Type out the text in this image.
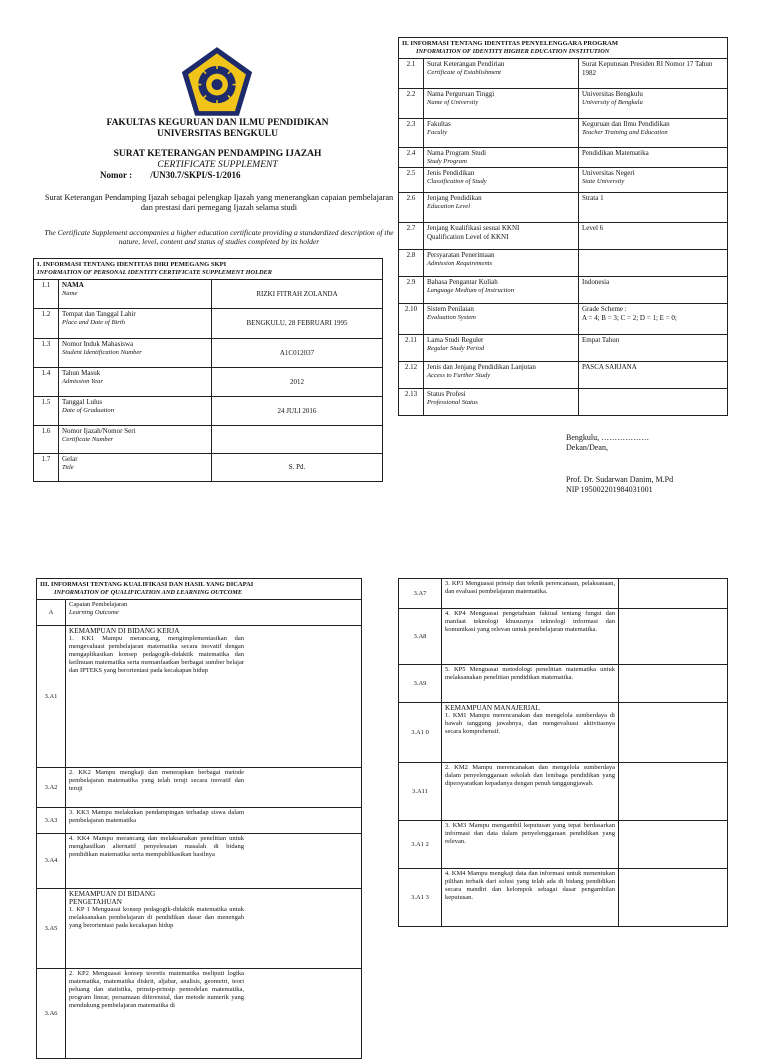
FAKULTAS KEGURUAN DAN ILMU PENDIDIKAN
UNIVERSITAS BENGKULU
SURAT KETERANGAN PENDAMPING IJAZAH
CERTIFICATE SUPPLEMENT
Nomor : /UN30.7/SKPI/S-1/2016
Surat Keterangan Pendamping Ijazah sebagai pelengkap Ijazah yang menerangkan capaian pembelajaran dan prestasi dari pemegang Ijazah selama studi
The Certificate Supplement accompanies a higher education certificate providing a standardized description of the nature, level, content and status of studies completed by its holder
I. INFORMASI TENTANG IDENTITAS DIRI PEMEGANG SKPI
INFORMATION OF PERSONAL IDENTITY CERTIFICATE SUPPLEMENT HOLDER		

1.1	NAMA
Name	RIZKI FITRAH ZOLANDA
1.2	Tempat dan Tanggal Lahir
Place and Date of Birth	BENGKULU, 28 FEBRUARI 1995
1.3	Nomor Induk Mahasiswa
Student Identification Number	A1C012037
1.4	Tahun Masuk
Admission Year	2012
1.5	Tanggal Lulus
Date of Graduation	24 JULI 2016
1.6	Nomor Ijazah/Nomor Seri
Certificate Number	

1.7	Gelar
Title	S. Pd.
II. INFORMASI TENTANG IDENTITAS PENYELENGGARA PROGRAM
INFORMATION OF IDENTITY HIGHER EDUCATION INSTITUTION		

2.1	Surat Keterangan Pendirian
Certificate of Establishment	Surat Keputusan Presiden RI Nomor 17 Tahun 1982
2.2	Nama Perguruan Tinggi
Name of University	Universitas Bengkulu
University of Bengkulu

2.3	Fakultas
Faculty	Keguruan dan Ilmu Pendidikan
Teacher Training and Education

2.4	Nama Program Studi
Study Program	Pendidikan Matematika
2.5	Jenis Pendidikan
Classification of Study	Universitas Negeri
State University

2.6	Jenjang Pendidikan
Education Level	Strata 1
2.7	Jenjang Kualifikasi sesuai KKNI
Qualification Level of KKNI	Level 6
2.8	Persyaratan Penerimaan
Admission Requirements	

2.9	Bahasa Pengantar Kuliah
Language Medium of Instruction	Indonesia
2.10	Sistem Penilaian
Evaluation System	Grade Scheme :
A = 4; B = 3; C = 2; D = 1; E = 0;

2.11	Lama Studi Reguler
Regular Study Period	Empat Tahun
2.12	Jenis dan Jenjang Pendidikan Lanjutan
Access to Further Study	PASCA SARJANA
2.13	Status Profesi
Professional Status	

Bengkulu, ………………
Dekan/Dean,
Prof. Dr. Sudarwan Danim, M.Pd
NIP 195002201984031001
III. INFORMASI TENTANG KUALIFIKASI DAN HASIL YANG DICAPAI
INFORMATION OF QUALIFICATION AND LEARNING OUTCOME	

A	Capaian Pembelajaran
Learning Outcome

3.A1	KEMAMPUAN DI BIDANG KERJA
1. KK1 Mampu merancang, mengimplementasikan dan mengevaluasi pembelajaran matematika secara inovatif dengan mengaplikasikan konsep pedagogik-didaktik matematika dan keilmuan matematika serta memanfaatkan berbagai sumber belajar dan IPTEKS yang berorientasi pada kecakapan hidup

3.A2	2. KK2 Mampu mengkaji dan menerapkan berbagai metode pembelajaran matematika yang telah teruji secara inovatif dan teruji

3.A3	3. KK3 Mampu melakukan pendampingan terhadap siswa dalam pembelajaran matematika

3.A4	4. KK4 Mampu merancang dan melaksanakan penelitian untuk menghasilkan alternatif penyelesaian masalah di bidang pendidikan matematika serta mempublikasikan hasilnya

3.A5	KEMAMPUAN DI BIDANG PENGETAHUAN
1. KP 1 Menguasai konsep pedagogik-didaktik matematika untuk melaksanakan pembelajaran di pendidikan dasar dan menengah yang berorientasi pada kecakapan hidup

3.A6	2. KP2 Menguasai konsep teoretis matematika meliputi logika matematika, matematika diskrit, aljabar, analisis, geometri, teori peluang dan statistika, prinsip-prinsip pemodelan matematika, program linear, persamaan diferensial, dan metode numerik yang mendukung pembelajaran matematika di
3.A7	3. KP3 Menguasai prinsip dan teknik perencanaan, pelaksanaan, dan evaluasi pembelajaran matematika.	
3.A8	4. KP4 Menguasai pengetahuan faktual tentang fungsi dan manfaat teknologi khususnya teknologi informasi dan komunikasi yang relevan untuk pembelajaran matematika.	
3.A9	5. KP5 Menguasai metodologi penelitian matematika untuk melaksanakan penelitian pendidikan matematika.	
3.A1 0	KEMAMPUAN MANAJERIAL
1. KM1 Mampu merencanakan dan mengelola sumberdaya di bawah tanggung jawabnya, dan mengevaluasi aktivitasnya secara komprehensif.	

3.A11	2. KM2 Mampu merencanakan dan mengelola sumberdaya dalam penyelenggaraan sekolah dan lembaga pendidikan yang dipersyaratkan kepadanya dengan penuh tanggungjawab.	
3.A1 2	3. KM3 Mampu mengambil keputusan yang tepat berdasarkan informasi dan data dalam penyelenggaraan pendidikan yang relevan.	
3.A1 3	4. KM4 Mampu mengkaji data dan informasi untuk menentukan pilihan terbaik dari solusi yang telah ada di bidang pendidikan secara mandiri dan kelompok sebagai dasar pengambilan keputusan.	
